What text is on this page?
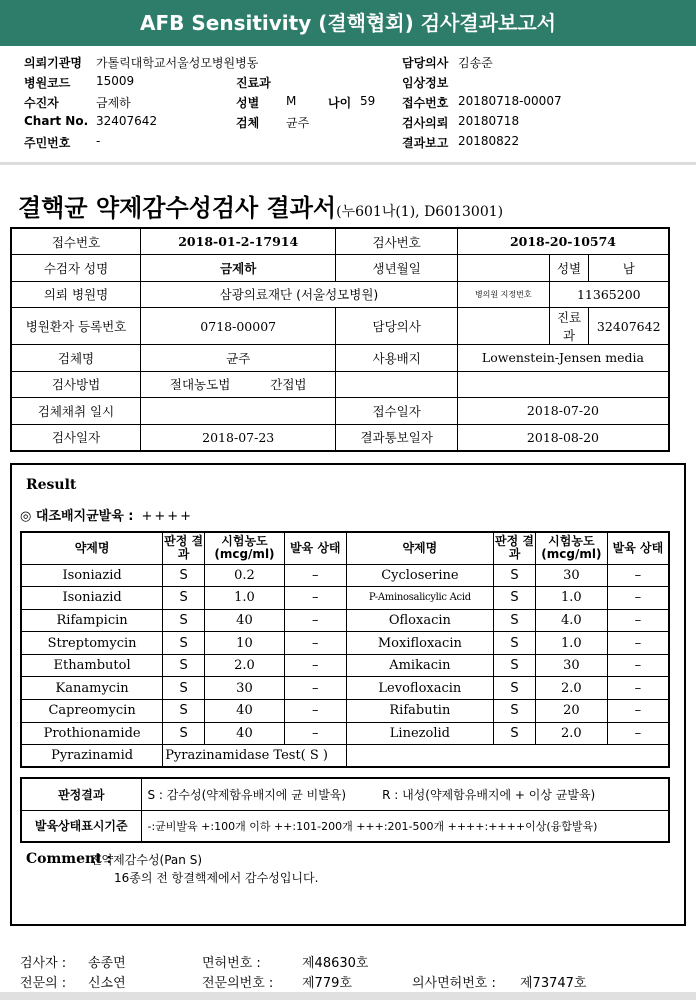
AFB Sensitivity (결핵협회) 검사결과보고서
의뢰기관명 가톨릭대학교서울성모병원병동	담당의사 김송준
병원코드 15009	진료과	임상정보
수진자	금제하	성별 M	나이 59 접수번호 20180718-00007
Chart No. 32407642	검체 균주	검사의뢰 20180718
주민번호 -	결과보고 20180822
결핵균 약제감수성검사 결과서(누601나(1), D6013001)
접수번호	2018-01-2-17914	검사번호	2018-20-10574		
수검자 성명	금제하	생년월일		성별	남
의뢰 병원명	삼광의료재단 (서울성모병원)		병의원 지정번호	11365200	
병원환자 등록번호	0718-00007	담당의사		진료과	32407642
검체명	균주	사용배지	Lowenstein-Jensen media		
검사방법	절대농도법 간접법				
검체채취 일시		접수일자	2018-07-20		
검사일자	2018-07-23	결과통보일자	2018-08-20		
Result
◎ 대조배지균발육 : ++++
약제명	판정 결과	시험농도 (mcg/ml)	발육 상태	약제명	판정 결과	시험농도 (mcg/ml)	발육 상태
Isoniazid	S	0.2	–	Cycloserine	S	30	–
Isoniazid	S	1.0	–	P-Aminosalicylic Acid	S	1.0	–
Rifampicin	S	40	–	Ofloxacin	S	4.0	–
Streptomycin	S	10	–	Moxifloxacin	S	1.0	–
Ethambutol	S	2.0	–	Amikacin	S	30	–
Kanamycin	S	30	–	Levofloxacin	S	2.0	–
Capreomycin	S	40	–	Rifabutin	S	20	–
Prothionamide	S	40	–	Linezolid	S	2.0	–
Pyrazinamid	Pyrazinamidase Test( S )						
판정결과	S : 감수성(약제함유배지에 균 비발육) R : 내성(약제함유배지에 + 이상 균발육)
발육상태표시기준	-:균비발육 +:100개 이하 ++:101-200개 +++:201-500개 ++++:++++이상(융합발육)
Comment :
전약제감수성(Pan S)
16종의 전 항결핵제에서 감수성입니다.
검사자 : 송종면	면허번호 :	제48630호
전문의 : 신소연	전문의번호 : 제779호	의사면허번호 : 제73747호
